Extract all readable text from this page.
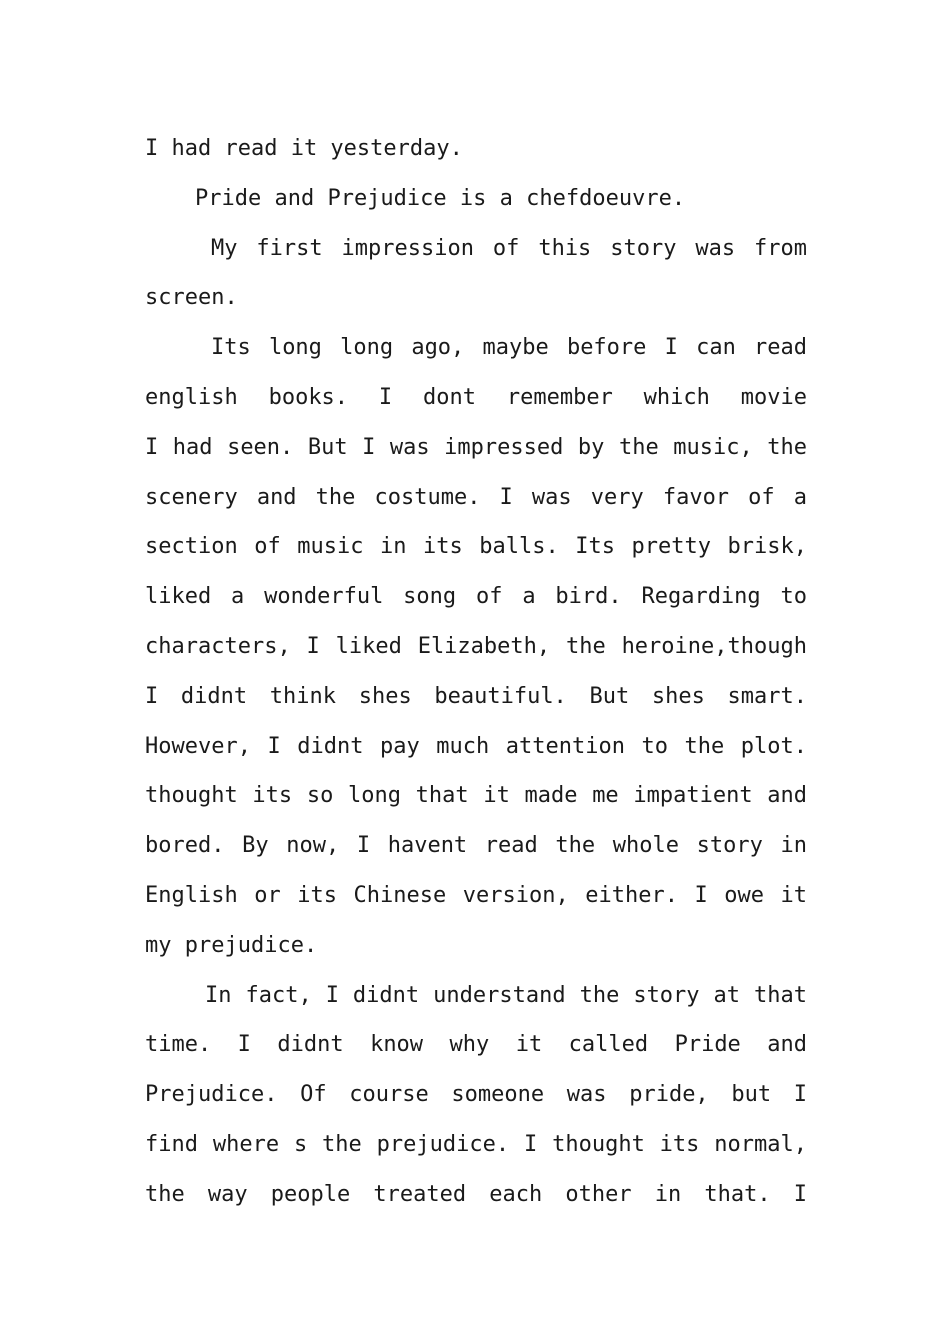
I had read it yesterday.
Pride and Prejudice is a chefdoeuvre.
My first impression of this story was from
screen.
Its long long ago, maybe before I can read
english books. I dont remember which movie
I had seen. But I was impressed by the music, the
scenery and the costume. I was very favor of a
section of music in its balls. Its pretty brisk,
liked a wonderful song of a bird. Regarding to
characters, I liked Elizabeth, the heroine,though
I didnt think shes beautiful. But shes smart.
However, I didnt pay much attention to the plot.
thought its so long that it made me impatient and
bored. By now, I havent read the whole story in
English or its Chinese version, either. I owe it
my prejudice.
In fact, I didnt understand the story at that
time. I didnt know why it called Pride and
Prejudice. Of course someone was pride, but I
find where s the prejudice. I thought its normal,
the way people treated each other in that. I
